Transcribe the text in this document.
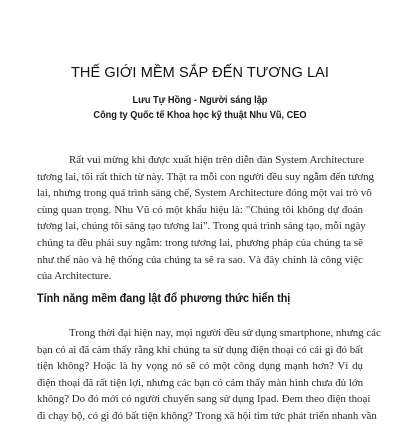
THẾ GIỚI MỀM SẮP ĐẾN TƯƠNG LAI
Lưu Tự Hồng - Người sáng lập
Công ty Quốc tế Khoa học kỹ thuật Nhu Vũ, CEO
Rất vui mừng khi được xuất hiện trên diễn đàn System Architecture
tương lai, tôi rất thích từ này. Thật ra mỗi con người đều suy ngẫm đến tương
lai, nhưng trong quá trình sáng chế, System Architecture đóng một vai trò vô
cùng quan trọng. Nhu Vũ có một khẩu hiệu là: "Chúng tôi không dự đoán
tương lai, chúng tôi sáng tạo tương lai". Trong quá trình sáng tạo, mỗi ngày
chúng ta đều phải suy ngẫm: trong tương lai, phương pháp của chúng ta sẽ
như thế nào và hệ thống của chúng ta sẽ ra sao. Và đây chính là công việc
của Architecture.
Tính năng mềm đang lật đổ phương thức hiển thị
Trong thời đại hiện nay, mọi người đều sử dụng smartphone, nhưng các
bạn có ai đã cảm thấy rằng khi chúng ta sử dụng điện thoại có cái gì đó bất
tiện không? Hoặc là hy vọng nó sẽ có một công dụng mạnh hơn? Ví dụ
điện thoại đã rất tiện lợi, nhưng các bạn có cảm thấy màn hình chưa đủ lớn
không? Do đó mới có người chuyển sang sử dụng Ipad. Đem theo điện thoại
đi chạy bộ, có gì đó bất tiện không? Trong xã hội tìm tức phát triển nhanh vần
